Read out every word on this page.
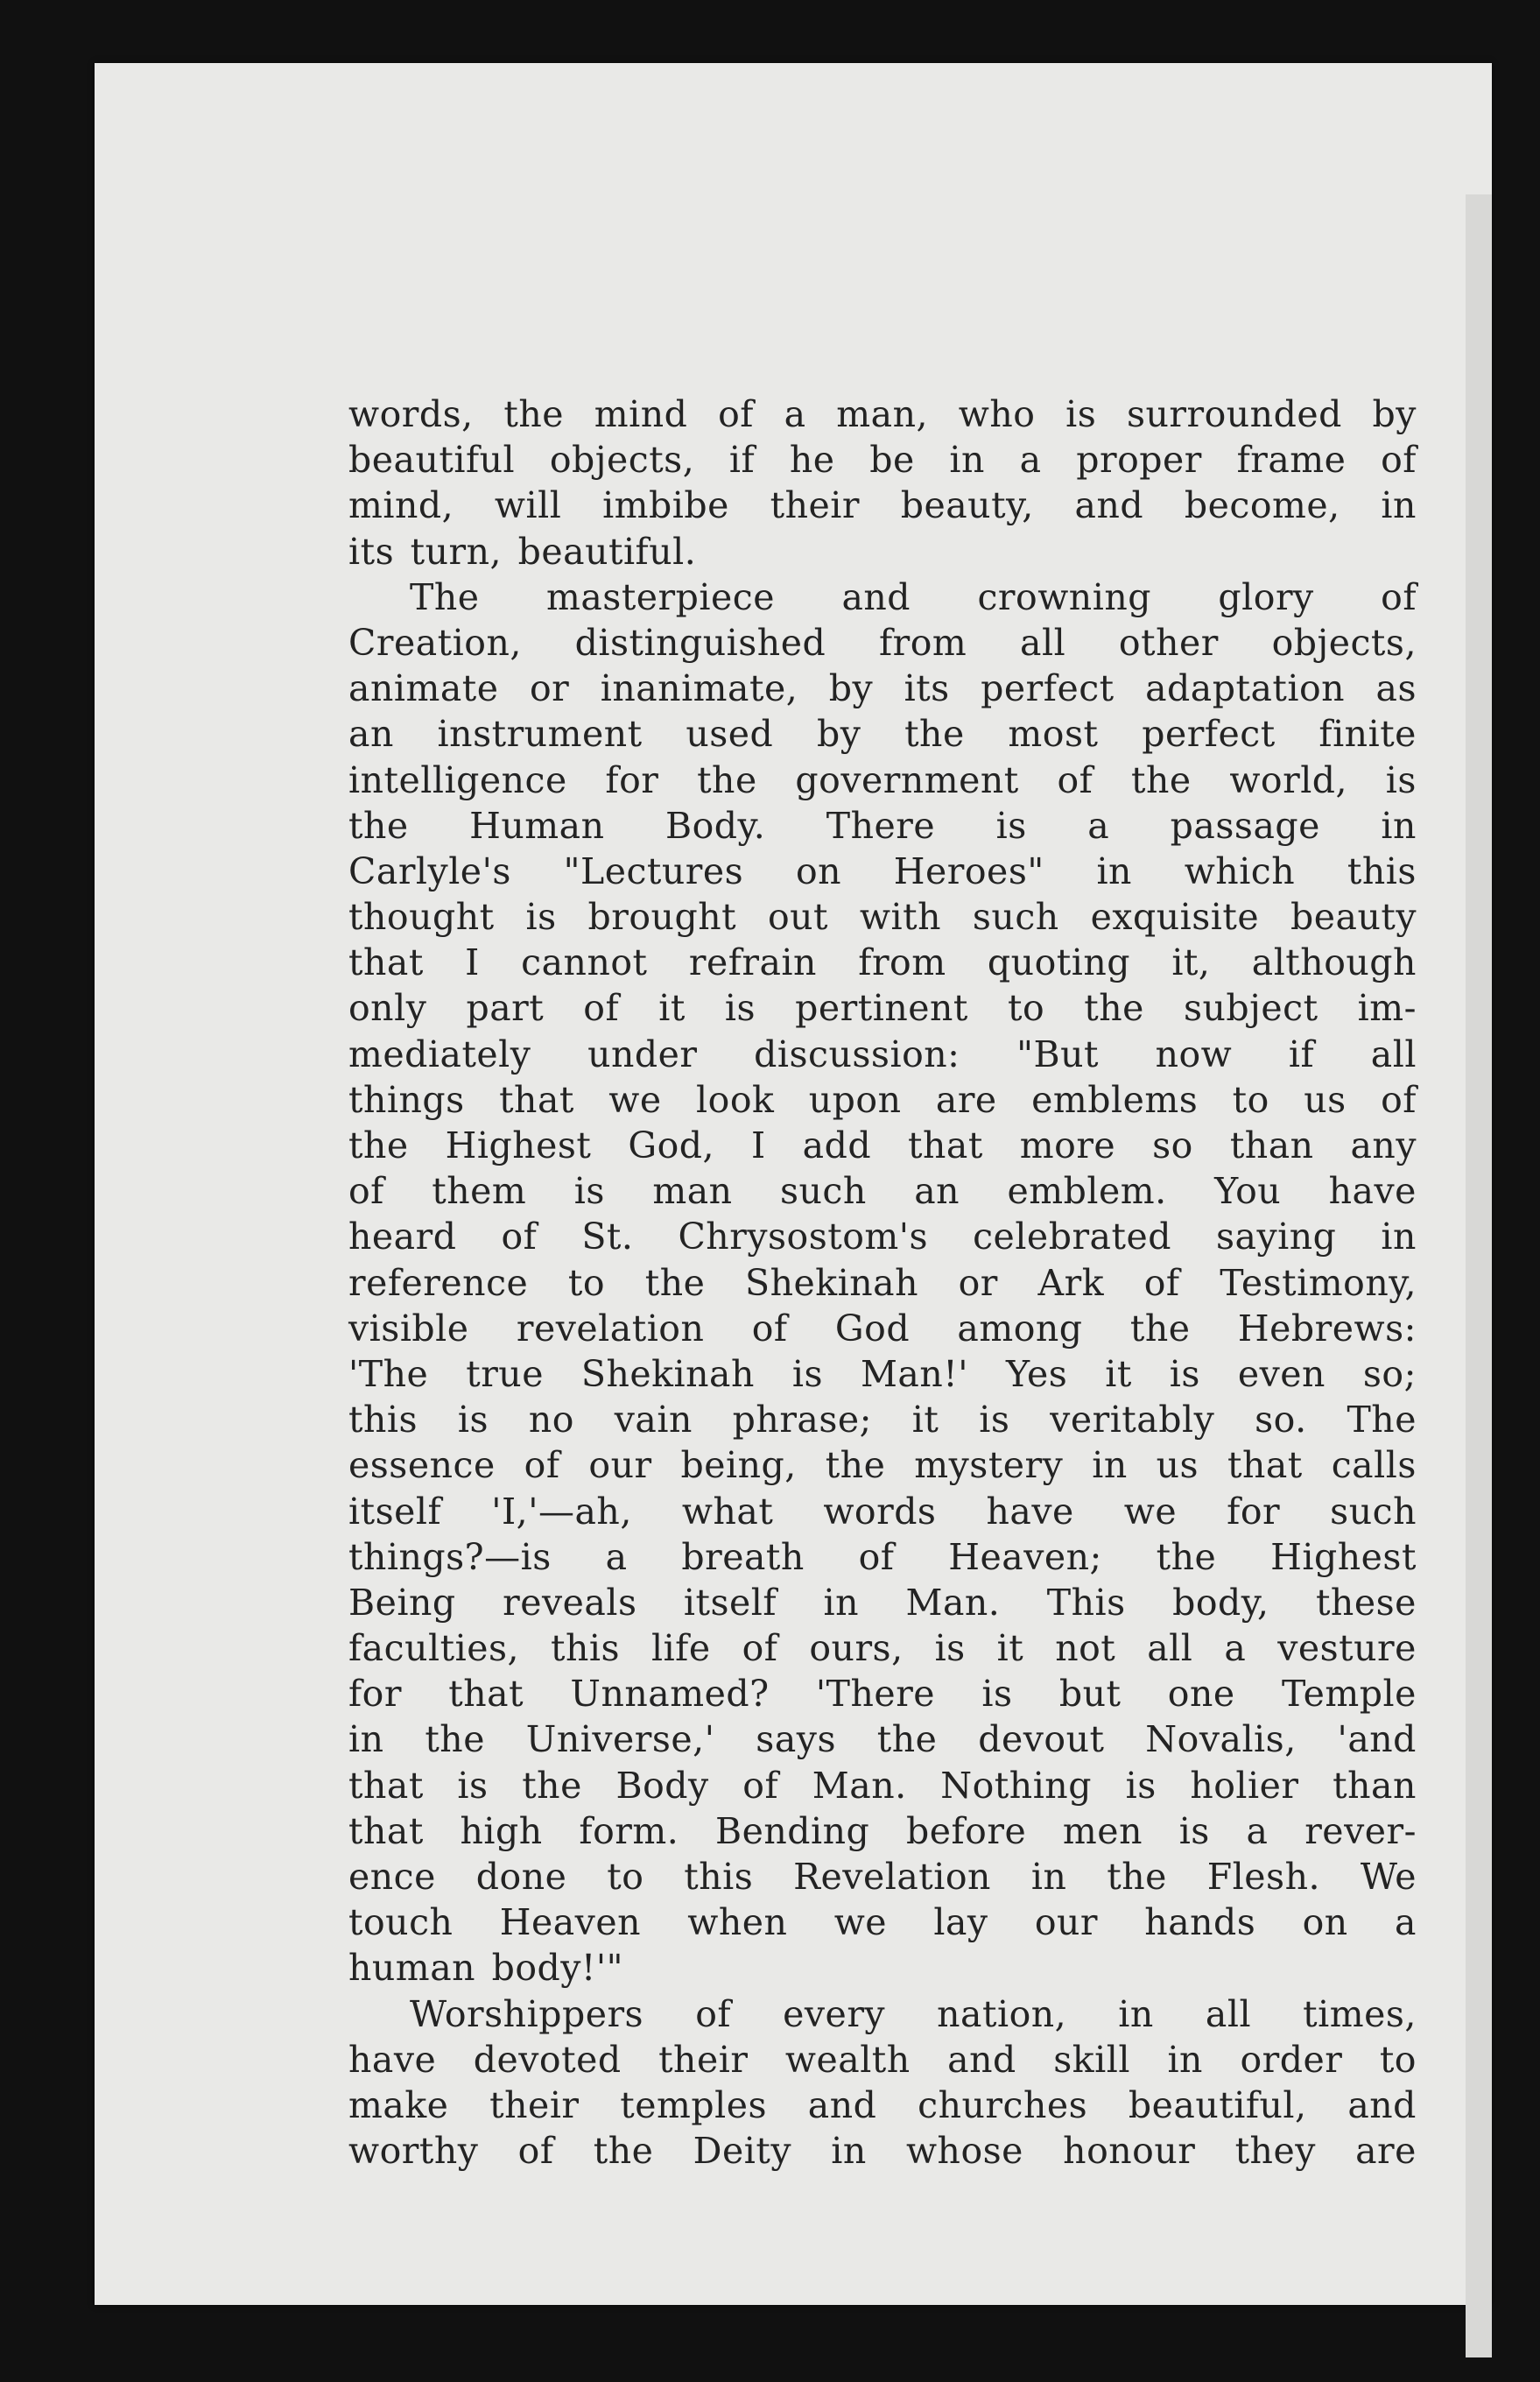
words, the mind of a man, who is surrounded by
beautiful objects, if he be in a proper frame of
mind, will imbibe their beauty, and become, in
its turn, beautiful.
The masterpiece and crowning glory of
Creation, distinguished from all other objects,
animate or inanimate, by its perfect adaptation as
an instrument used by the most perfect finite
intelligence for the government of the world, is
the Human Body. There is a passage in
Carlyle's "Lectures on Heroes" in which this
thought is brought out with such exquisite beauty
that I cannot refrain from quoting it, although
only part of it is pertinent to the subject im-
mediately under discussion: "But now if all
things that we look upon are emblems to us of
the Highest God, I add that more so than any
of them is man such an emblem. You have
heard of St. Chrysostom's celebrated saying in
reference to the Shekinah or Ark of Testimony,
visible revelation of God among the Hebrews:
'The true Shekinah is Man!' Yes it is even so;
this is no vain phrase; it is veritably so. The
essence of our being, the mystery in us that calls
itself 'I,'—ah, what words have we for such
things?—is a breath of Heaven; the Highest
Being reveals itself in Man. This body, these
faculties, this life of ours, is it not all a vesture
for that Unnamed? 'There is but one Temple
in the Universe,' says the devout Novalis, 'and
that is the Body of Man. Nothing is holier than
that high form. Bending before men is a rever-
ence done to this Revelation in the Flesh. We
touch Heaven when we lay our hands on a
human body!'"
Worshippers of every nation, in all times,
have devoted their wealth and skill in order to
make their temples and churches beautiful, and
worthy of the Deity in whose honour they are
